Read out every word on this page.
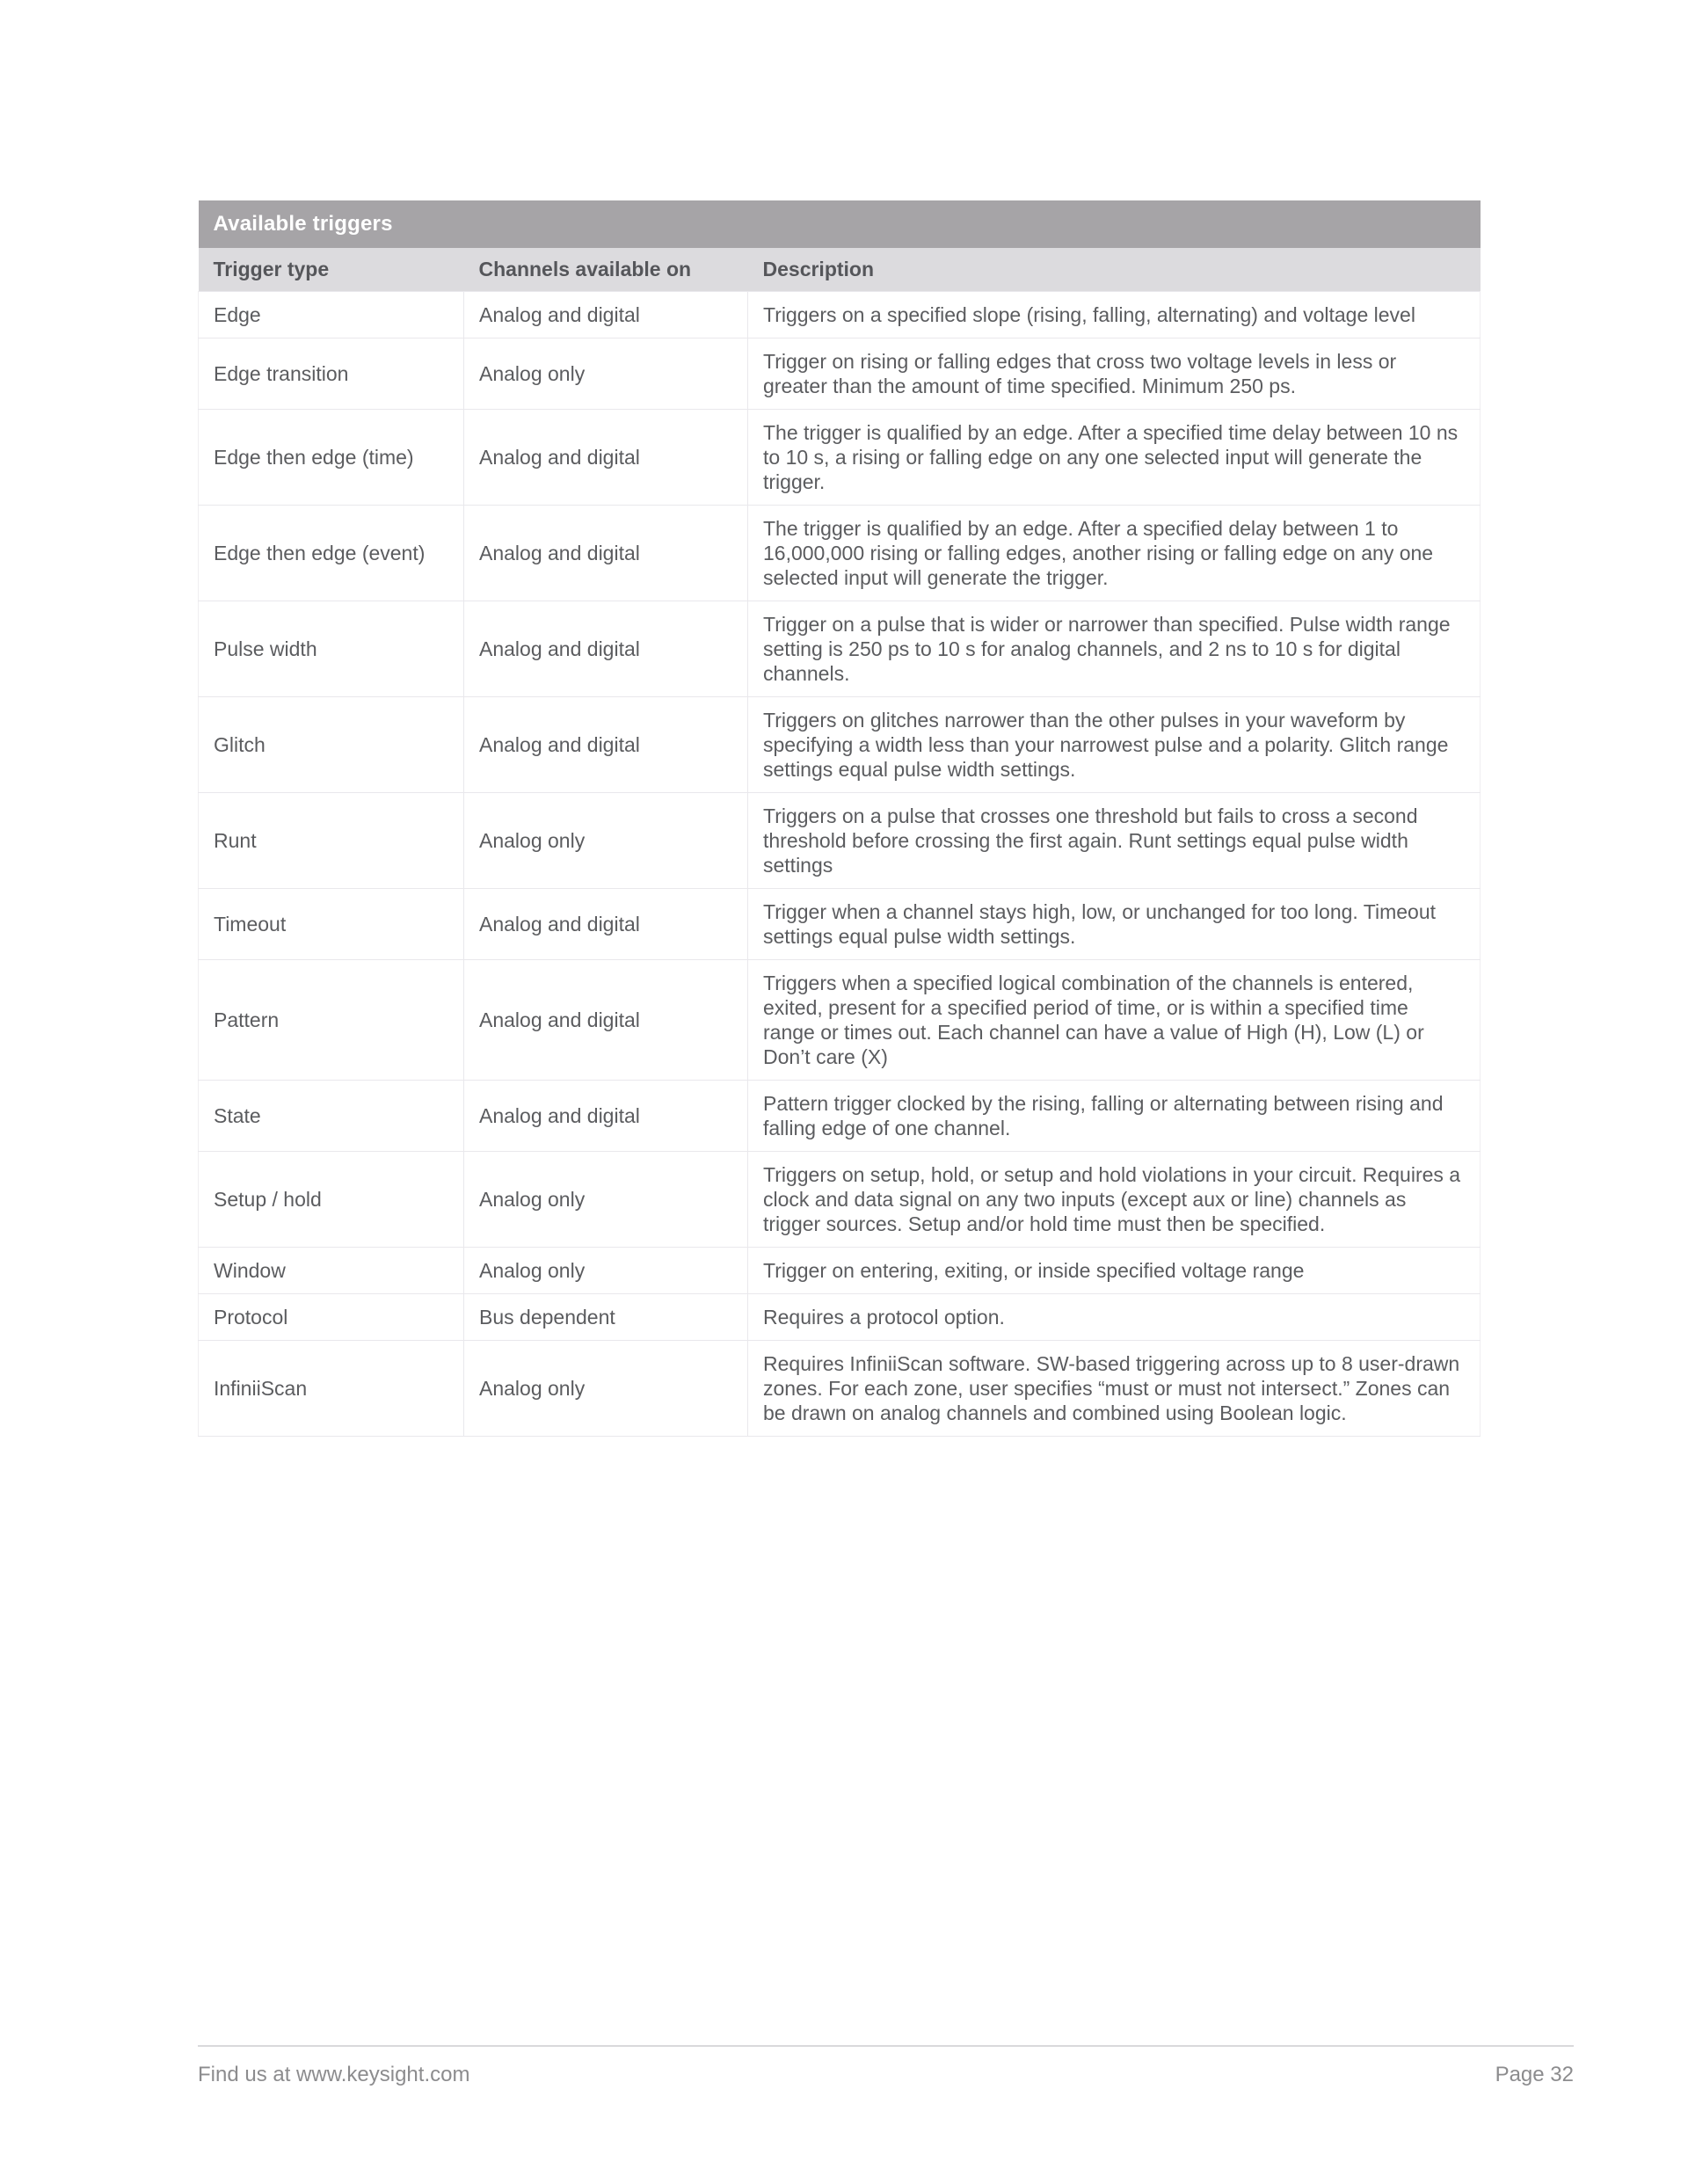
Available triggers		
Trigger type	Channels available on	Description
Edge	Analog and digital	Triggers on a specified slope (rising, falling, alternating) and voltage level
Edge transition	Analog only	Trigger on rising or falling edges that cross two voltage levels in less or greater than the amount of time specified. Minimum 250 ps.
Edge then edge (time)	Analog and digital	The trigger is qualified by an edge. After a specified time delay between 10 ns to 10 s, a rising or falling edge on any one selected input will generate the trigger.
Edge then edge (event)	Analog and digital	The trigger is qualified by an edge. After a specified delay between 1 to 16,000,000 rising or falling edges, another rising or falling edge on any one selected input will generate the trigger.
Pulse width	Analog and digital	Trigger on a pulse that is wider or narrower than specified. Pulse width range setting is 250 ps to 10 s for analog channels, and 2 ns to 10 s for digital channels.
Glitch	Analog and digital	Triggers on glitches narrower than the other pulses in your waveform by specifying a width less than your narrowest pulse and a polarity. Glitch range settings equal pulse width settings.
Runt	Analog only	Triggers on a pulse that crosses one threshold but fails to cross a second threshold before crossing the first again. Runt settings equal pulse width settings
Timeout	Analog and digital	Trigger when a channel stays high, low, or unchanged for too long. Timeout settings equal pulse width settings.
Pattern	Analog and digital	Triggers when a specified logical combination of the channels is entered, exited, present for a specified period of time, or is within a specified time range or times out. Each channel can have a value of High (H), Low (L) or Don’t care (X)
State	Analog and digital	Pattern trigger clocked by the rising, falling or alternating between rising and falling edge of one channel.
Setup / hold	Analog only	Triggers on setup, hold, or setup and hold violations in your circuit. Requires a clock and data signal on any two inputs (except aux or line) channels as trigger sources. Setup and/or hold time must then be specified.
Window	Analog only	Trigger on entering, exiting, or inside specified voltage range
Protocol	Bus dependent	Requires a protocol option.
InfiniiScan	Analog only	Requires InfiniiScan software. SW-based triggering across up to 8 user-drawn zones. For each zone, user specifies “must or must not intersect.” Zones can be drawn on analog channels and combined using Boolean logic.
Find us at www.keysight.com	Page 32
